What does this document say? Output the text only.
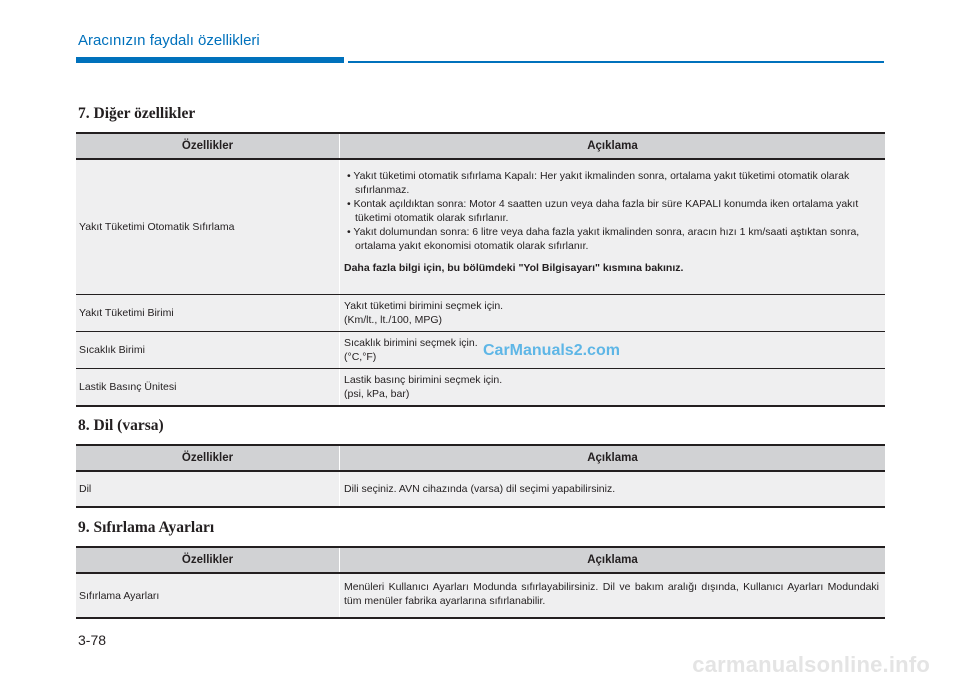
Aracınızın faydalı özellikleri
7. Diğer özellikler
Özellikler	Açıklama
Yakıt Tüketimi Otomatik Sıfırlama	• Yakıt tüketimi otomatik sıfırlama Kapalı: Her yakıt ikmalinden sonra, ortalama yakıt tüketimi otomatik olarak sıfırlanmaz.

• Kontak açıldıktan sonra: Motor 4 saatten uzun veya daha fazla bir süre KAPALI konumda iken ortalama yakıt tüketimi otomatik olarak sıfırlanır.

• Yakıt dolumundan sonra: 6 litre veya daha fazla yakıt ikmalinden sonra, aracın hızı 1 km/saati aştıktan sonra, ortalama yakıt ekonomisi otomatik olarak sıfırlanır.

Daha fazla bilgi için, bu bölümdeki "Yol Bilgisayarı" kısmına bakınız.

Yakıt Tüketimi Birimi	Yakıt tüketimi birimini seçmek için.
(Km/lt., lt./100, MPG)

Sıcaklık Birimi	Sıcaklık birimini seçmek için.
(°C,°F)

Lastik Basınç Ünitesi	Lastik basınç birimini seçmek için.
(psi, kPa, bar)
CarManuals2.com
8. Dil (varsa)
Özellikler	Açıklama
Dil	Dili seçiniz. AVN cihazında (varsa) dil seçimi yapabilirsiniz.
9. Sıfırlama Ayarları
Özellikler	Açıklama
Sıfırlama Ayarları	Menüleri Kullanıcı Ayarları Modunda sıfırlayabilirsiniz. Dil ve bakım aralığı dışında, Kullanıcı Ayarları Modundaki tüm menüler fabrika ayarlarına sıfırlanabilir.
3-78
carmanualsonline.info
